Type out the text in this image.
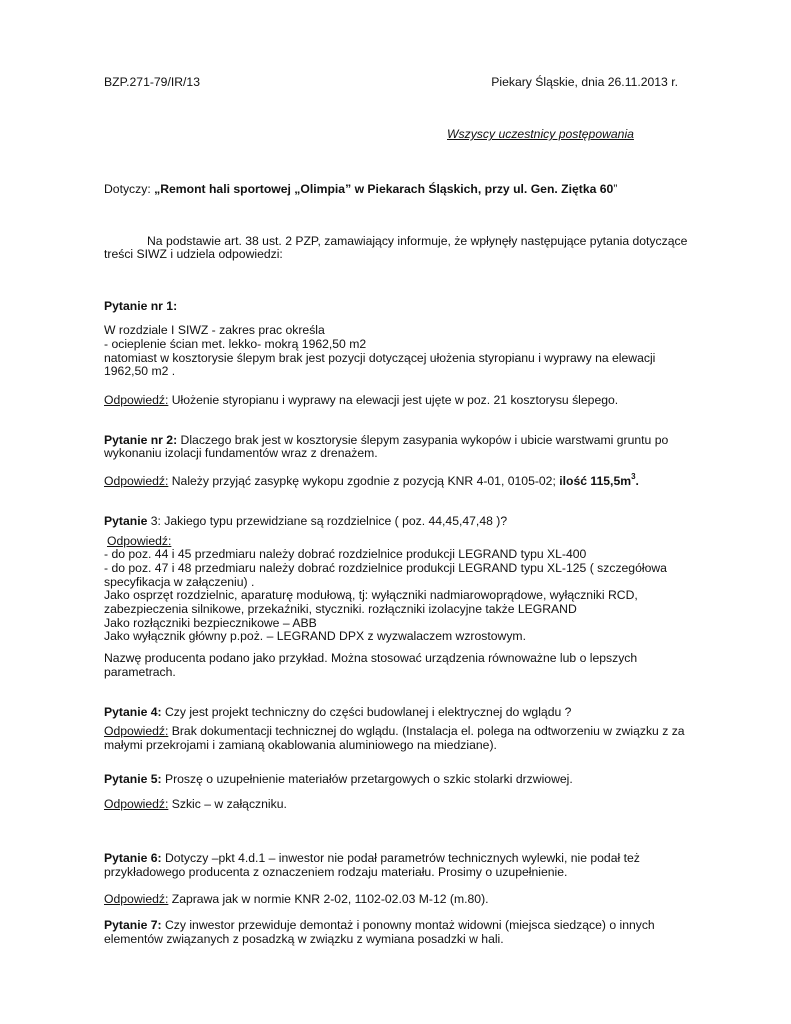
BZP.271-79/IR/13	Piekary Śląskie, dnia 26.11.2013 r.
Wszyscy uczestnicy postępowania
Dotyczy: „Remont hali sportowej „Olimpia” w Piekarach Śląskich, przy ul. Gen. Ziętka 60”
Na podstawie art. 38 ust. 2 PZP, zamawiający informuje, że wpłynęły następujące pytania dotyczące
treści SIWZ i udziela odpowiedzi:
Pytanie nr 1:
W rozdziale I SIWZ - zakres prac określa
- ocieplenie ścian met. lekko- mokrą 1962,50 m2
natomiast w kosztorysie ślepym brak jest pozycji dotyczącej ułożenia styropianu i wyprawy na elewacji
1962,50 m2 .
Odpowiedź: Ułożenie styropianu i wyprawy na elewacji jest ujęte w poz. 21 kosztorysu ślepego.
Pytanie nr 2: Dlaczego brak jest w kosztorysie ślepym zasypania wykopów i ubicie warstwami gruntu po
wykonaniu izolacji fundamentów wraz z drenażem.
Odpowiedź: Należy przyjąć zasypkę wykopu zgodnie z pozycją KNR 4-01, 0105-02; ilość $115,5m^3$.
Pytanie 3: Jakiego typu przewidziane są rozdzielnice ( poz. 44,45,47,48 )?
Odpowiedź:
- do poz. 44 i 45 przedmiaru należy dobrać rozdzielnice produkcji LEGRAND typu XL-400
- do poz. 47 i 48 przedmiaru należy dobrać rozdzielnice produkcji LEGRAND typu XL-125 ( szczegółowa
specyfikacja w załączeniu) .
Jako osprzęt rozdzielnic, aparaturę modułową, tj: wyłączniki nadmiarowoprądowe, wyłączniki RCD,
zabezpieczenia silnikowe, przekaźniki, styczniki. rozłączniki izolacyjne także LEGRAND
Jako rozłączniki bezpiecznikowe – ABB
Jako wyłącznik główny p.poż. – LEGRAND DPX z wyzwalaczem wzrostowym.
Nazwę producenta podano jako przykład. Można stosować urządzenia równoważne lub o lepszych
parametrach.
Pytanie 4: Czy jest projekt techniczny do części budowlanej i elektrycznej do wglądu ?
Odpowiedź: Brak dokumentacji technicznej do wglądu. (Instalacja el. polega na odtworzeniu w związku z za
małymi przekrojami i zamianą okablowania aluminiowego na miedziane).
Pytanie 5: Proszę o uzupełnienie materiałów przetargowych o szkic stolarki drzwiowej.
Odpowiedź: Szkic – w załączniku.
Pytanie 6: Dotyczy –pkt 4.d.1 – inwestor nie podał parametrów technicznych wylewki, nie podał też
przykładowego producenta z oznaczeniem rodzaju materiału. Prosimy o uzupełnienie.
Odpowiedź: Zaprawa jak w normie KNR 2-02, 1102-02.03 M-12 (m.80).
Pytanie 7: Czy inwestor przewiduje demontaż i ponowny montaż widowni (miejsca siedzące) o innych
elementów związanych z posadzką w związku z wymiana posadzki w hali.
